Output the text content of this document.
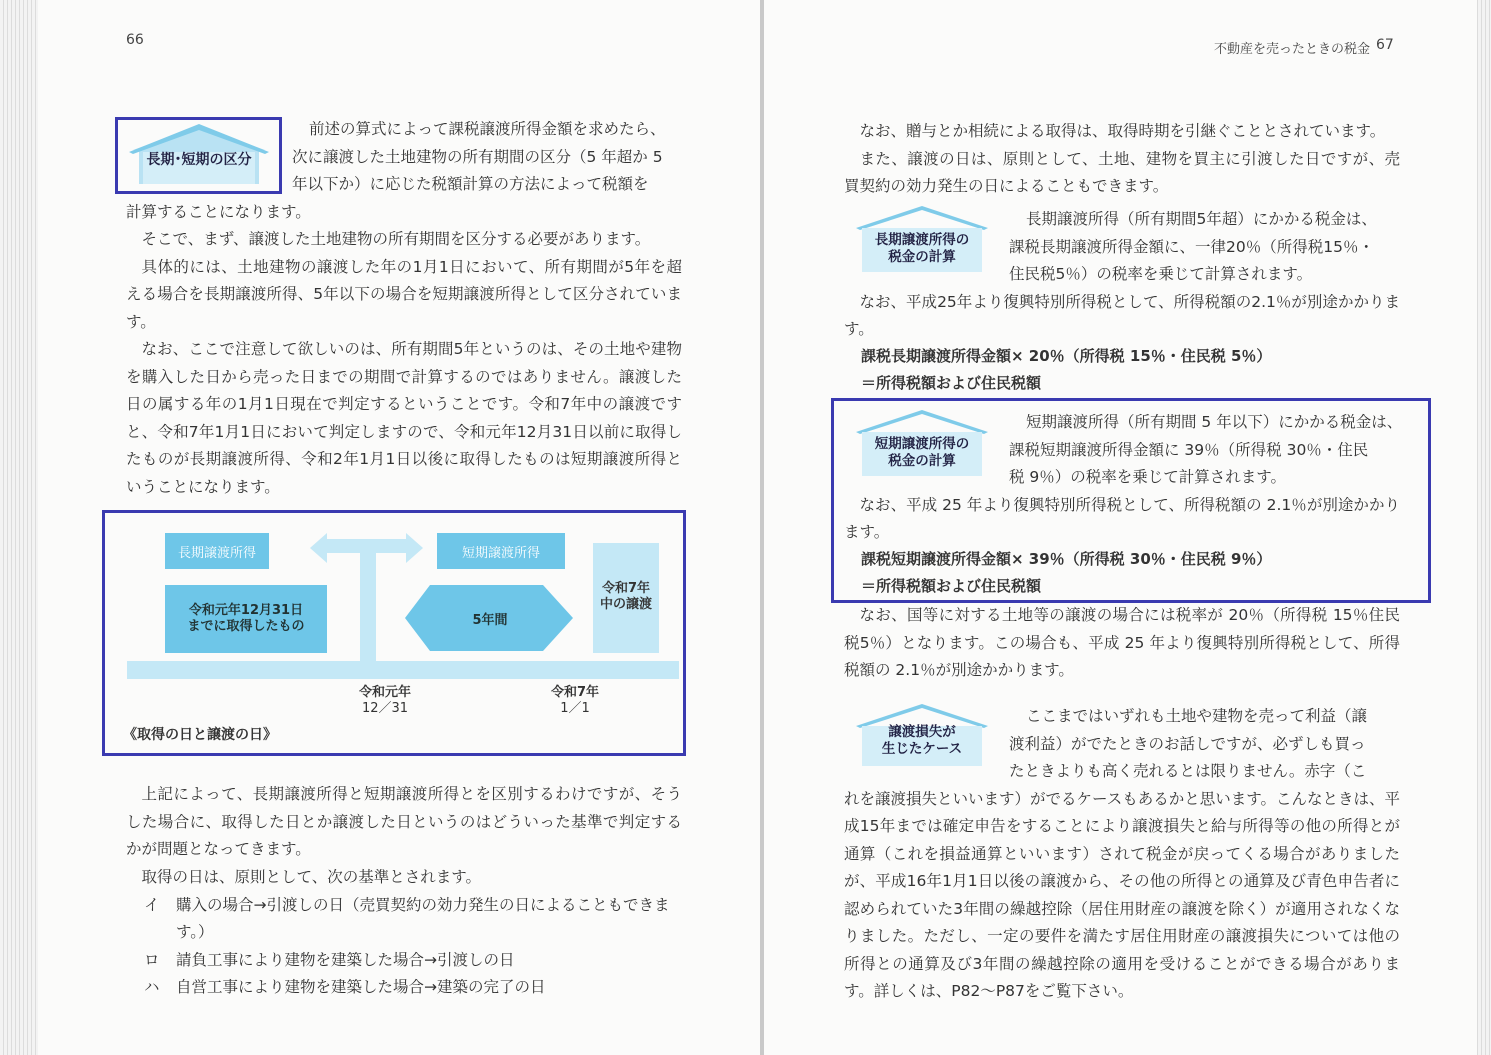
66
長期･短期の区分
前述の算式によって課税譲渡所得金額を求めたら、
次に譲渡した土地建物の所有期間の区分（5 年超か 5
年以下か）に応じた税額計算の方法によって税額を
計算することになります。

そこで、まず、譲渡した土地建物の所有期間を区分する必要があります。

具体的には、土地建物の譲渡した年の1月1日において、所有期間が5年を超える場合を長期譲渡所得、5年以下の場合を短期譲渡所得として区分されています。

なお、ここで注意して欲しいのは、所有期間5年というのは、その土地や建物を購入した日から売った日までの期間で計算するのではありません。譲渡した日の属する年の1月1日現在で判定するということです。令和7年中の譲渡ですと、令和7年1月1日において判定しますので、令和元年12月31日以前に取得したものが長期譲渡所得、令和2年1月1日以後に取得したものは短期譲渡所得ということになります。

長期譲渡所得	短期譲渡所得
令和元年12月31日
までに取得したもの	5年間
令和7年
中の譲渡
令和元年
12／31
令和7年
1／1
《取得の日と譲渡の日》

上記によって、長期譲渡所得と短期譲渡所得とを区別するわけですが、そうした場合に、取得した日とか譲渡した日というのはどういった基準で判定するかが問題となってきます。

取得の日は、原則として、次の基準とされます。

イ 購入の場合→引渡しの日（売買契約の効力発生の日によることもできます。）
ロ 請負工事により建物を建築した場合→引渡しの日
ハ 自営工事により建物を建築した場合→建築の完了の日
不動産を売ったときの税金 67

なお、贈与とか相続による取得は、取得時期を引継ぐこととされています。

また、譲渡の日は、原則として、土地、建物を買主に引渡した日ですが、売買契約の効力発生の日によることもできます。

長期譲渡所得の
税金の計算
長期譲渡所得（所有期間5年超）にかかる税金は、
課税長期譲渡所得金額に、一律20％（所得税15％・
住民税5％）の税率を乗じて計算されます。

なお、平成25年より復興特別所得税として、所得税額の2.1％が別途かかります。

課税長期譲渡所得金額× 20％（所得税 15％・住民税 5％）
＝所得税額および住民税額
短期譲渡所得の
税金の計算
短期譲渡所得（所有期間 5 年以下）にかかる税金は、
課税短期譲渡所得金額に 39％（所得税 30％・住民
税 9％）の税率を乗じて計算されます。

なお、平成 25 年より復興特別所得税として、所得税額の 2.1％が別途かかります。

課税短期譲渡所得金額× 39％（所得税 30％・住民税 9％）
＝所得税額および住民税額

なお、国等に対する土地等の譲渡の場合には税率が 20％（所得税 15％住民税5％）となります。この場合も、平成 25 年より復興特別所得税として、所得税額の 2.1％が別途かかります。

譲渡損失が
生じたケース
ここまではいずれも土地や建物を売って利益（譲
渡利益）がでたときのお話しですが、必ずしも買っ
たときよりも高く売れるとは限りません。赤字（こ

れを譲渡損失といいます）がでるケースもあるかと思います。こんなときは、平成15年までは確定申告をすることにより譲渡損失と給与所得等の他の所得とが通算（これを損益通算といいます）されて税金が戻ってくる場合がありましたが、平成16年1月1日以後の譲渡から、その他の所得との通算及び青色申告者に認められていた3年間の繰越控除（居住用財産の譲渡を除く）が適用されなくなりました。ただし、一定の要件を満たす居住用財産の譲渡損失については他の所得との通算及び3年間の繰越控除の適用を受けることができる場合があります。詳しくは、P82～P87をご覧下さい。
